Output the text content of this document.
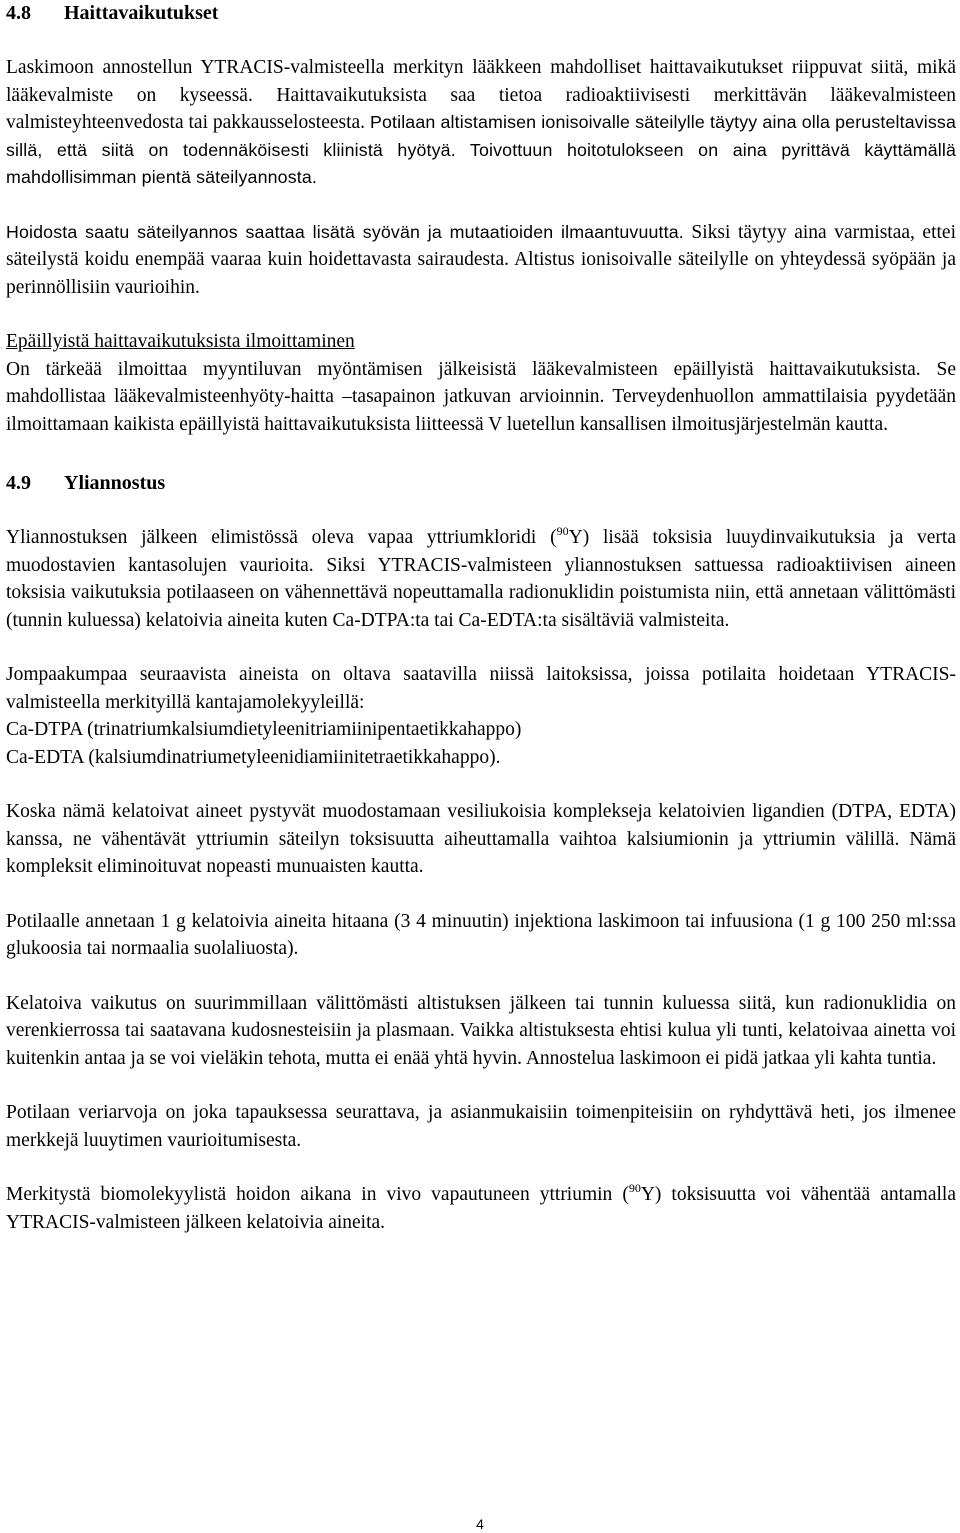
4.8	Haittavaikutukset

Laskimoon annostellun YTRACIS-valmisteella merkityn lääkkeen mahdolliset haittavaikutukset riippuvat siitä, mikä lääkevalmiste on kyseessä. Haittavaikutuksista saa tietoa radioaktiivisesti merkittävän lääkevalmisteen valmisteyhteenvedosta tai pakkausselosteesta. Potilaan altistamisen ionisoivalle säteilylle täytyy aina olla perusteltavissa sillä, että siitä on todennäköisesti kliinistä hyötyä. Toivottuun hoitotulokseen on aina pyrittävä käyttämällä mahdollisimman pientä säteilyannosta.

Hoidosta saatu säteilyannos saattaa lisätä syövän ja mutaatioiden ilmaantuvuutta. Siksi täytyy aina varmistaa, ettei säteilystä koidu enempää vaaraa kuin hoidettavasta sairaudesta. Altistus ionisoivalle säteilylle on yhteydessä syöpään ja perinnöllisiin vaurioihin.

Epäillyistä haittavaikutuksista ilmoittaminen

On tärkeää ilmoittaa myyntiluvan myöntämisen jälkeisistä lääkevalmisteen epäillyistä haittavaikutuksista. Se mahdollistaa lääkevalmisteenhyöty-haitta –tasapainon jatkuvan arvioinnin. Terveydenhuollon ammattilaisia pyydetään ilmoittamaan kaikista epäillyistä haittavaikutuksista liitteessä V luetellun kansallisen ilmoitusjärjestelmän kautta.

4.9	Yliannostus

Yliannostuksen jälkeen elimistössä oleva vapaa yttriumkloridi ($^{90}$Y) lisää toksisia luuydinvaikutuksia ja verta muodostavien kantasolujen vaurioita. Siksi YTRACIS-valmisteen yliannostuksen sattuessa radioaktiivisen aineen toksisia vaikutuksia potilaaseen on vähennettävä nopeuttamalla radionuklidin poistumista niin, että annetaan välittömästi (tunnin kuluessa) kelatoivia aineita kuten Ca-DTPA:ta tai Ca-EDTA:ta sisältäviä valmisteita.

Jompaakumpaa seuraavista aineista on oltava saatavilla niissä laitoksissa, joissa potilaita hoidetaan YTRACIS-valmisteella merkityillä kantajamolekyyleillä:
Ca-DTPA (trinatriumkalsiumdietyleenitriamiinipentaetikkahappo)
Ca-EDTA (kalsiumdinatriumetyleenidiamiinitetraetikkahappo).

Koska nämä kelatoivat aineet pystyvät muodostamaan vesiliukoisia komplekseja kelatoivien ligandien (DTPA, EDTA) kanssa, ne vähentävät yttriumin säteilyn toksisuutta aiheuttamalla vaihtoa kalsiumionin ja yttriumin välillä. Nämä kompleksit eliminoituvat nopeasti munuaisten kautta.

Potilaalle annetaan 1 g kelatoivia aineita hitaana (3 4 minuutin) injektiona laskimoon tai infuusiona (1 g 100 250 ml:ssa glukoosia tai normaalia suolaliuosta).

Kelatoiva vaikutus on suurimmillaan välittömästi altistuksen jälkeen tai tunnin kuluessa siitä, kun radionuklidia on verenkierrossa tai saatavana kudosnesteisiin ja plasmaan. Vaikka altistuksesta ehtisi kulua yli tunti, kelatoivaa ainetta voi kuitenkin antaa ja se voi vieläkin tehota, mutta ei enää yhtä hyvin. Annostelua laskimoon ei pidä jatkaa yli kahta tuntia.

Potilaan veriarvoja on joka tapauksessa seurattava, ja asianmukaisiin toimenpiteisiin on ryhdyttävä heti, jos ilmenee merkkejä luuytimen vaurioitumisesta.

Merkitystä biomolekyylistä hoidon aikana in vivo vapautuneen yttriumin ($^{90}$Y) toksisuutta voi vähentää antamalla YTRACIS-valmisteen jälkeen kelatoivia aineita.

4
